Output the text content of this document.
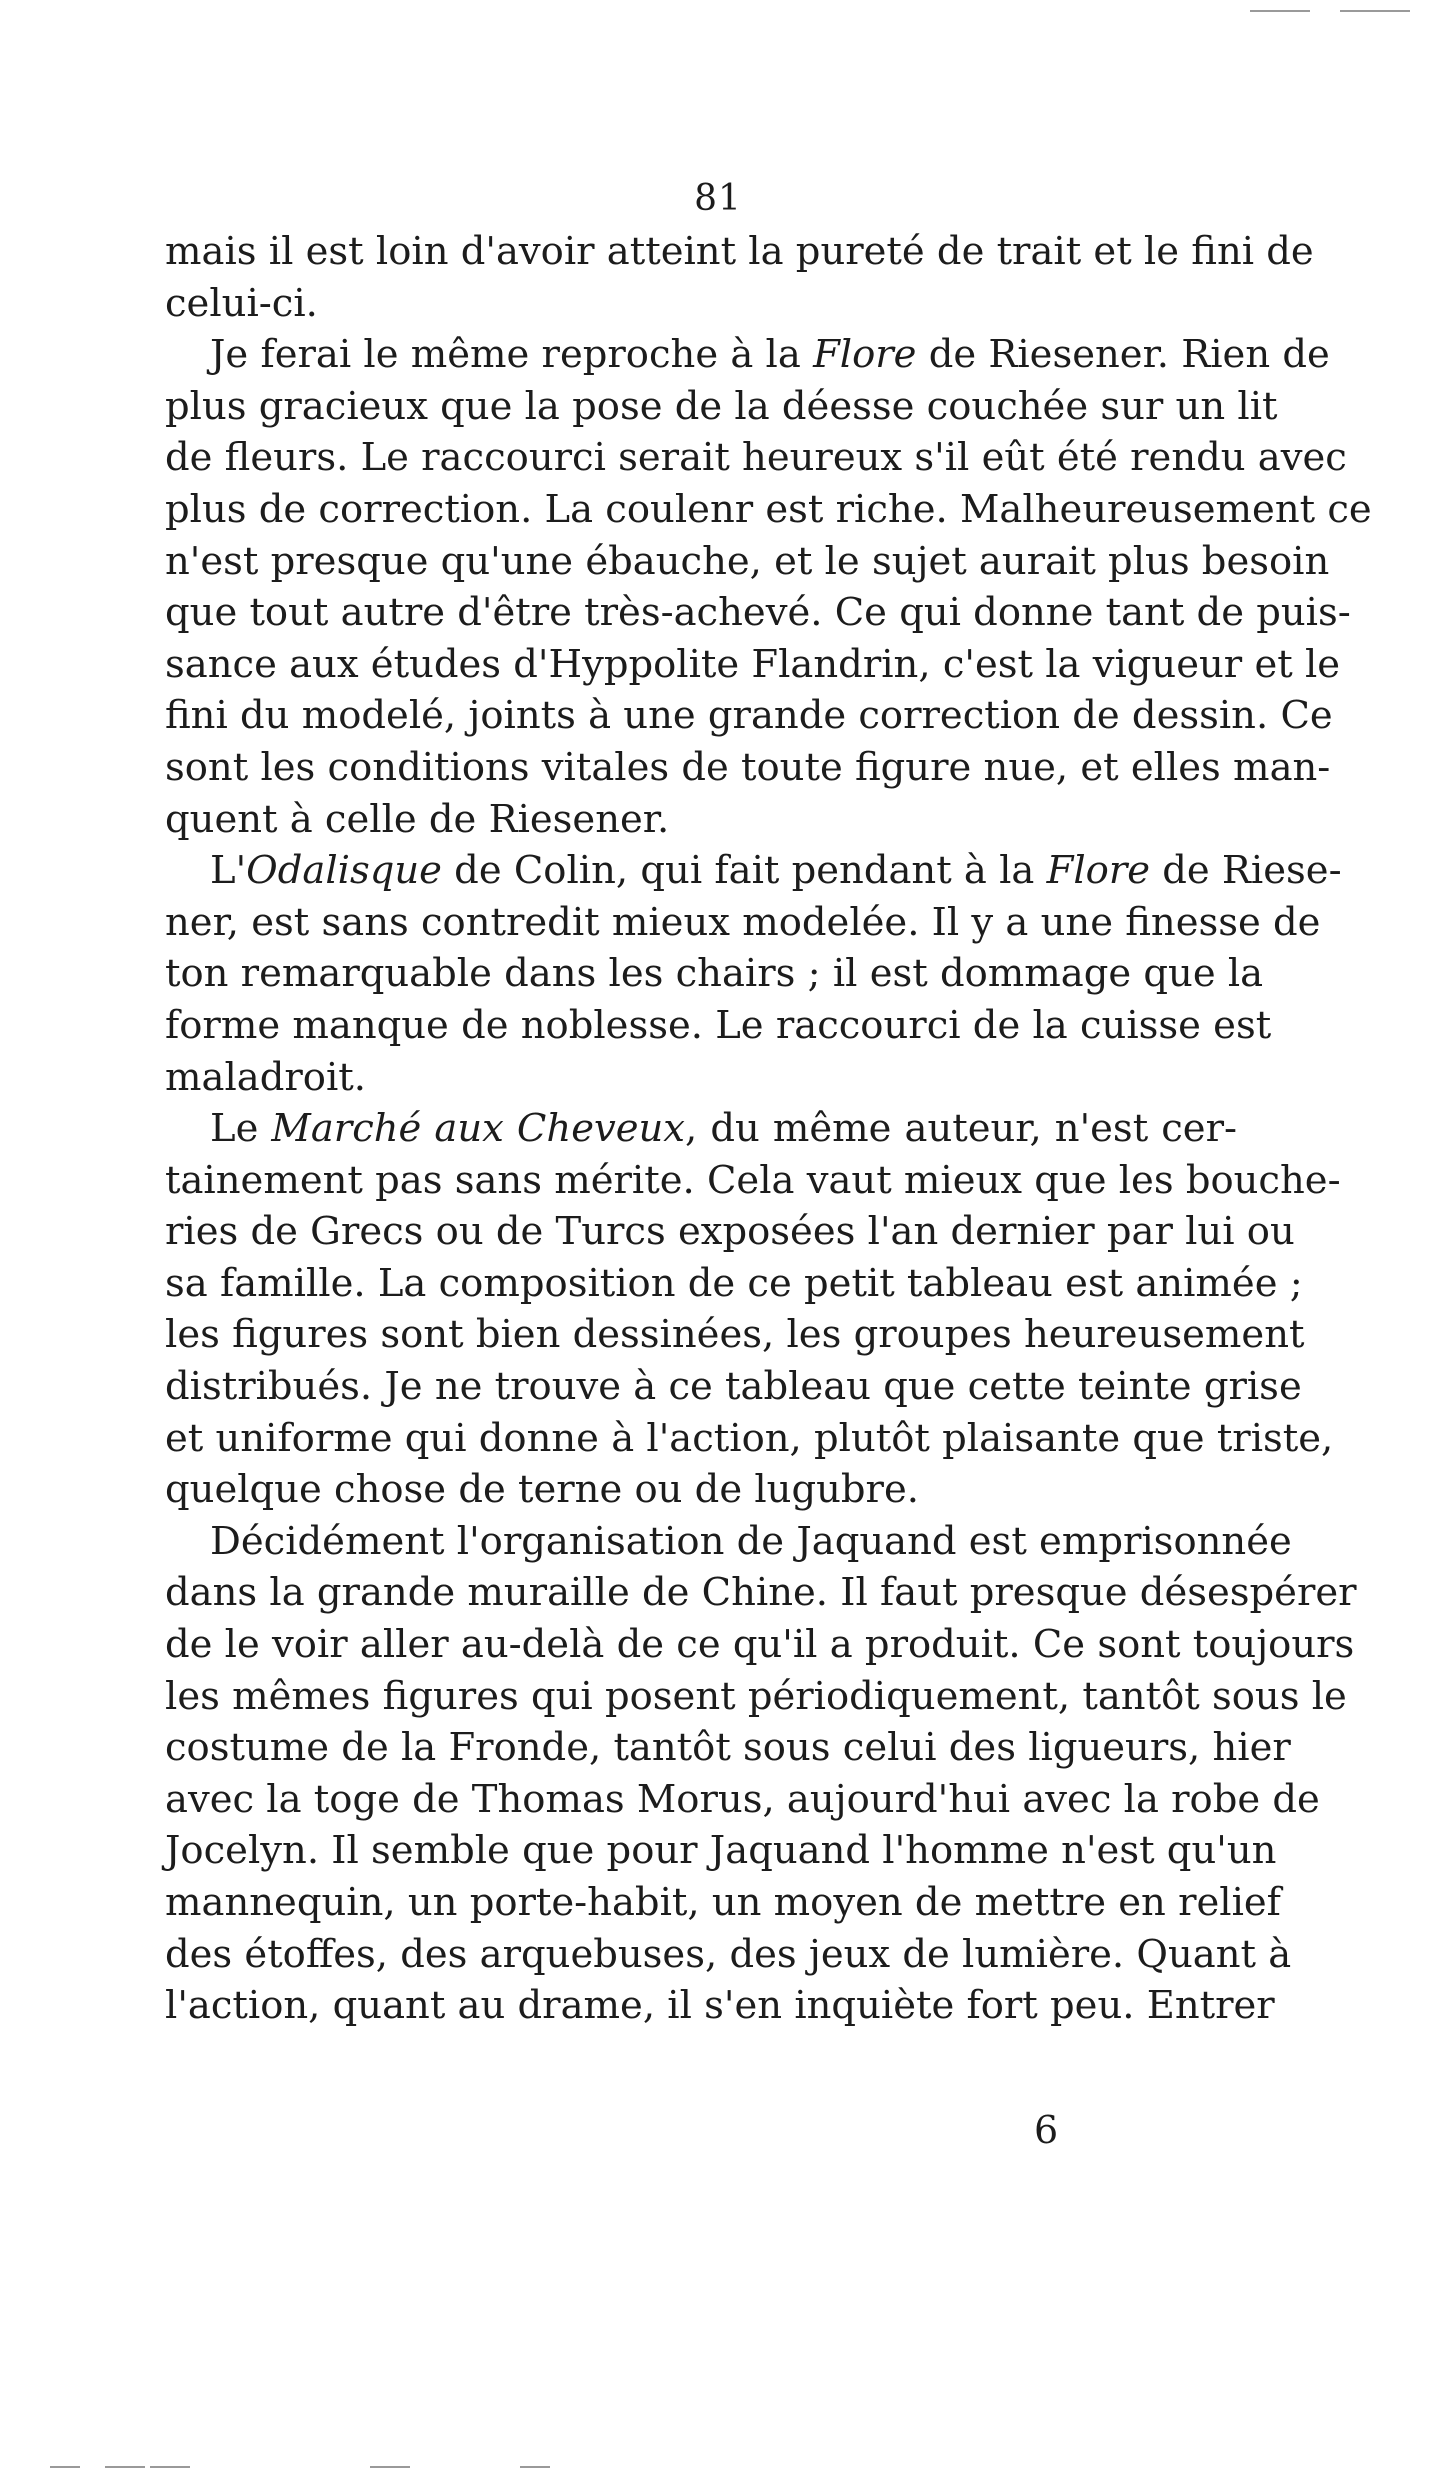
81
mais il est loin d'avoir atteint la pureté de trait et le fini de
celui-ci.
Je ferai le même reproche à la Flore de Riesener. Rien de
plus gracieux que la pose de la déesse couchée sur un lit
de fleurs. Le raccourci serait heureux s'il eût été rendu avec
plus de correction. La coulenr est riche. Malheureusement ce
n'est presque qu'une ébauche, et le sujet aurait plus besoin
que tout autre d'être très-achevé. Ce qui donne tant de puis-
sance aux études d'Hyppolite Flandrin, c'est la vigueur et le
fini du modelé, joints à une grande correction de dessin. Ce
sont les conditions vitales de toute figure nue, et elles man-
quent à celle de Riesener.
L'Odalisque de Colin, qui fait pendant à la Flore de Riese-
ner, est sans contredit mieux modelée. Il y a une finesse de
ton remarquable dans les chairs ; il est dommage que la
forme manque de noblesse. Le raccourci de la cuisse est
maladroit.
Le Marché aux Cheveux, du même auteur, n'est cer-
tainement pas sans mérite. Cela vaut mieux que les bouche-
ries de Grecs ou de Turcs exposées l'an dernier par lui ou
sa famille. La composition de ce petit tableau est animée ;
les figures sont bien dessinées, les groupes heureusement
distribués. Je ne trouve à ce tableau que cette teinte grise
et uniforme qui donne à l'action, plutôt plaisante que triste,
quelque chose de terne ou de lugubre.
Décidément l'organisation de Jaquand est emprisonnée
dans la grande muraille de Chine. Il faut presque désespérer
de le voir aller au-delà de ce qu'il a produit. Ce sont toujours
les mêmes figures qui posent périodiquement, tantôt sous le
costume de la Fronde, tantôt sous celui des ligueurs, hier
avec la toge de Thomas Morus, aujourd'hui avec la robe de
Jocelyn. Il semble que pour Jaquand l'homme n'est qu'un
mannequin, un porte-habit, un moyen de mettre en relief
des étoffes, des arquebuses, des jeux de lumière. Quant à
l'action, quant au drame, il s'en inquiète fort peu. Entrer
6
